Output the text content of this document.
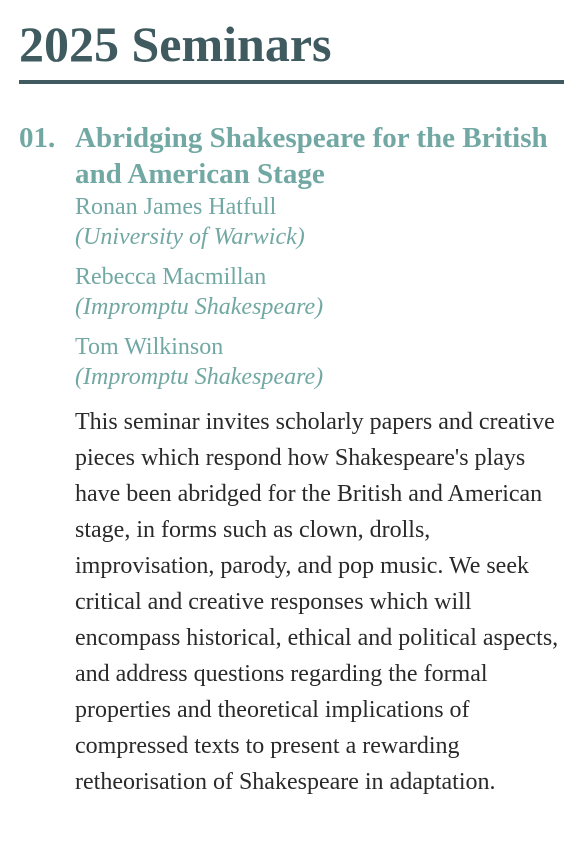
2025 Seminars
01. Abridging Shakespeare for the British and American Stage
Ronan James Hatfull
(University of Warwick)
Rebecca Macmillan
(Impromptu Shakespeare)
Tom Wilkinson
(Impromptu Shakespeare)

This seminar invites scholarly papers and creative pieces which respond how Shakespeare's plays have been abridged for the British and American stage, in forms such as clown, drolls, improvisation, parody, and pop music. We seek critical and creative responses which will encompass historical, ethical and political aspects, and address questions regarding the formal properties and theoretical implications of compressed texts to present a rewarding retheorisation of Shakespeare in adaptation.
